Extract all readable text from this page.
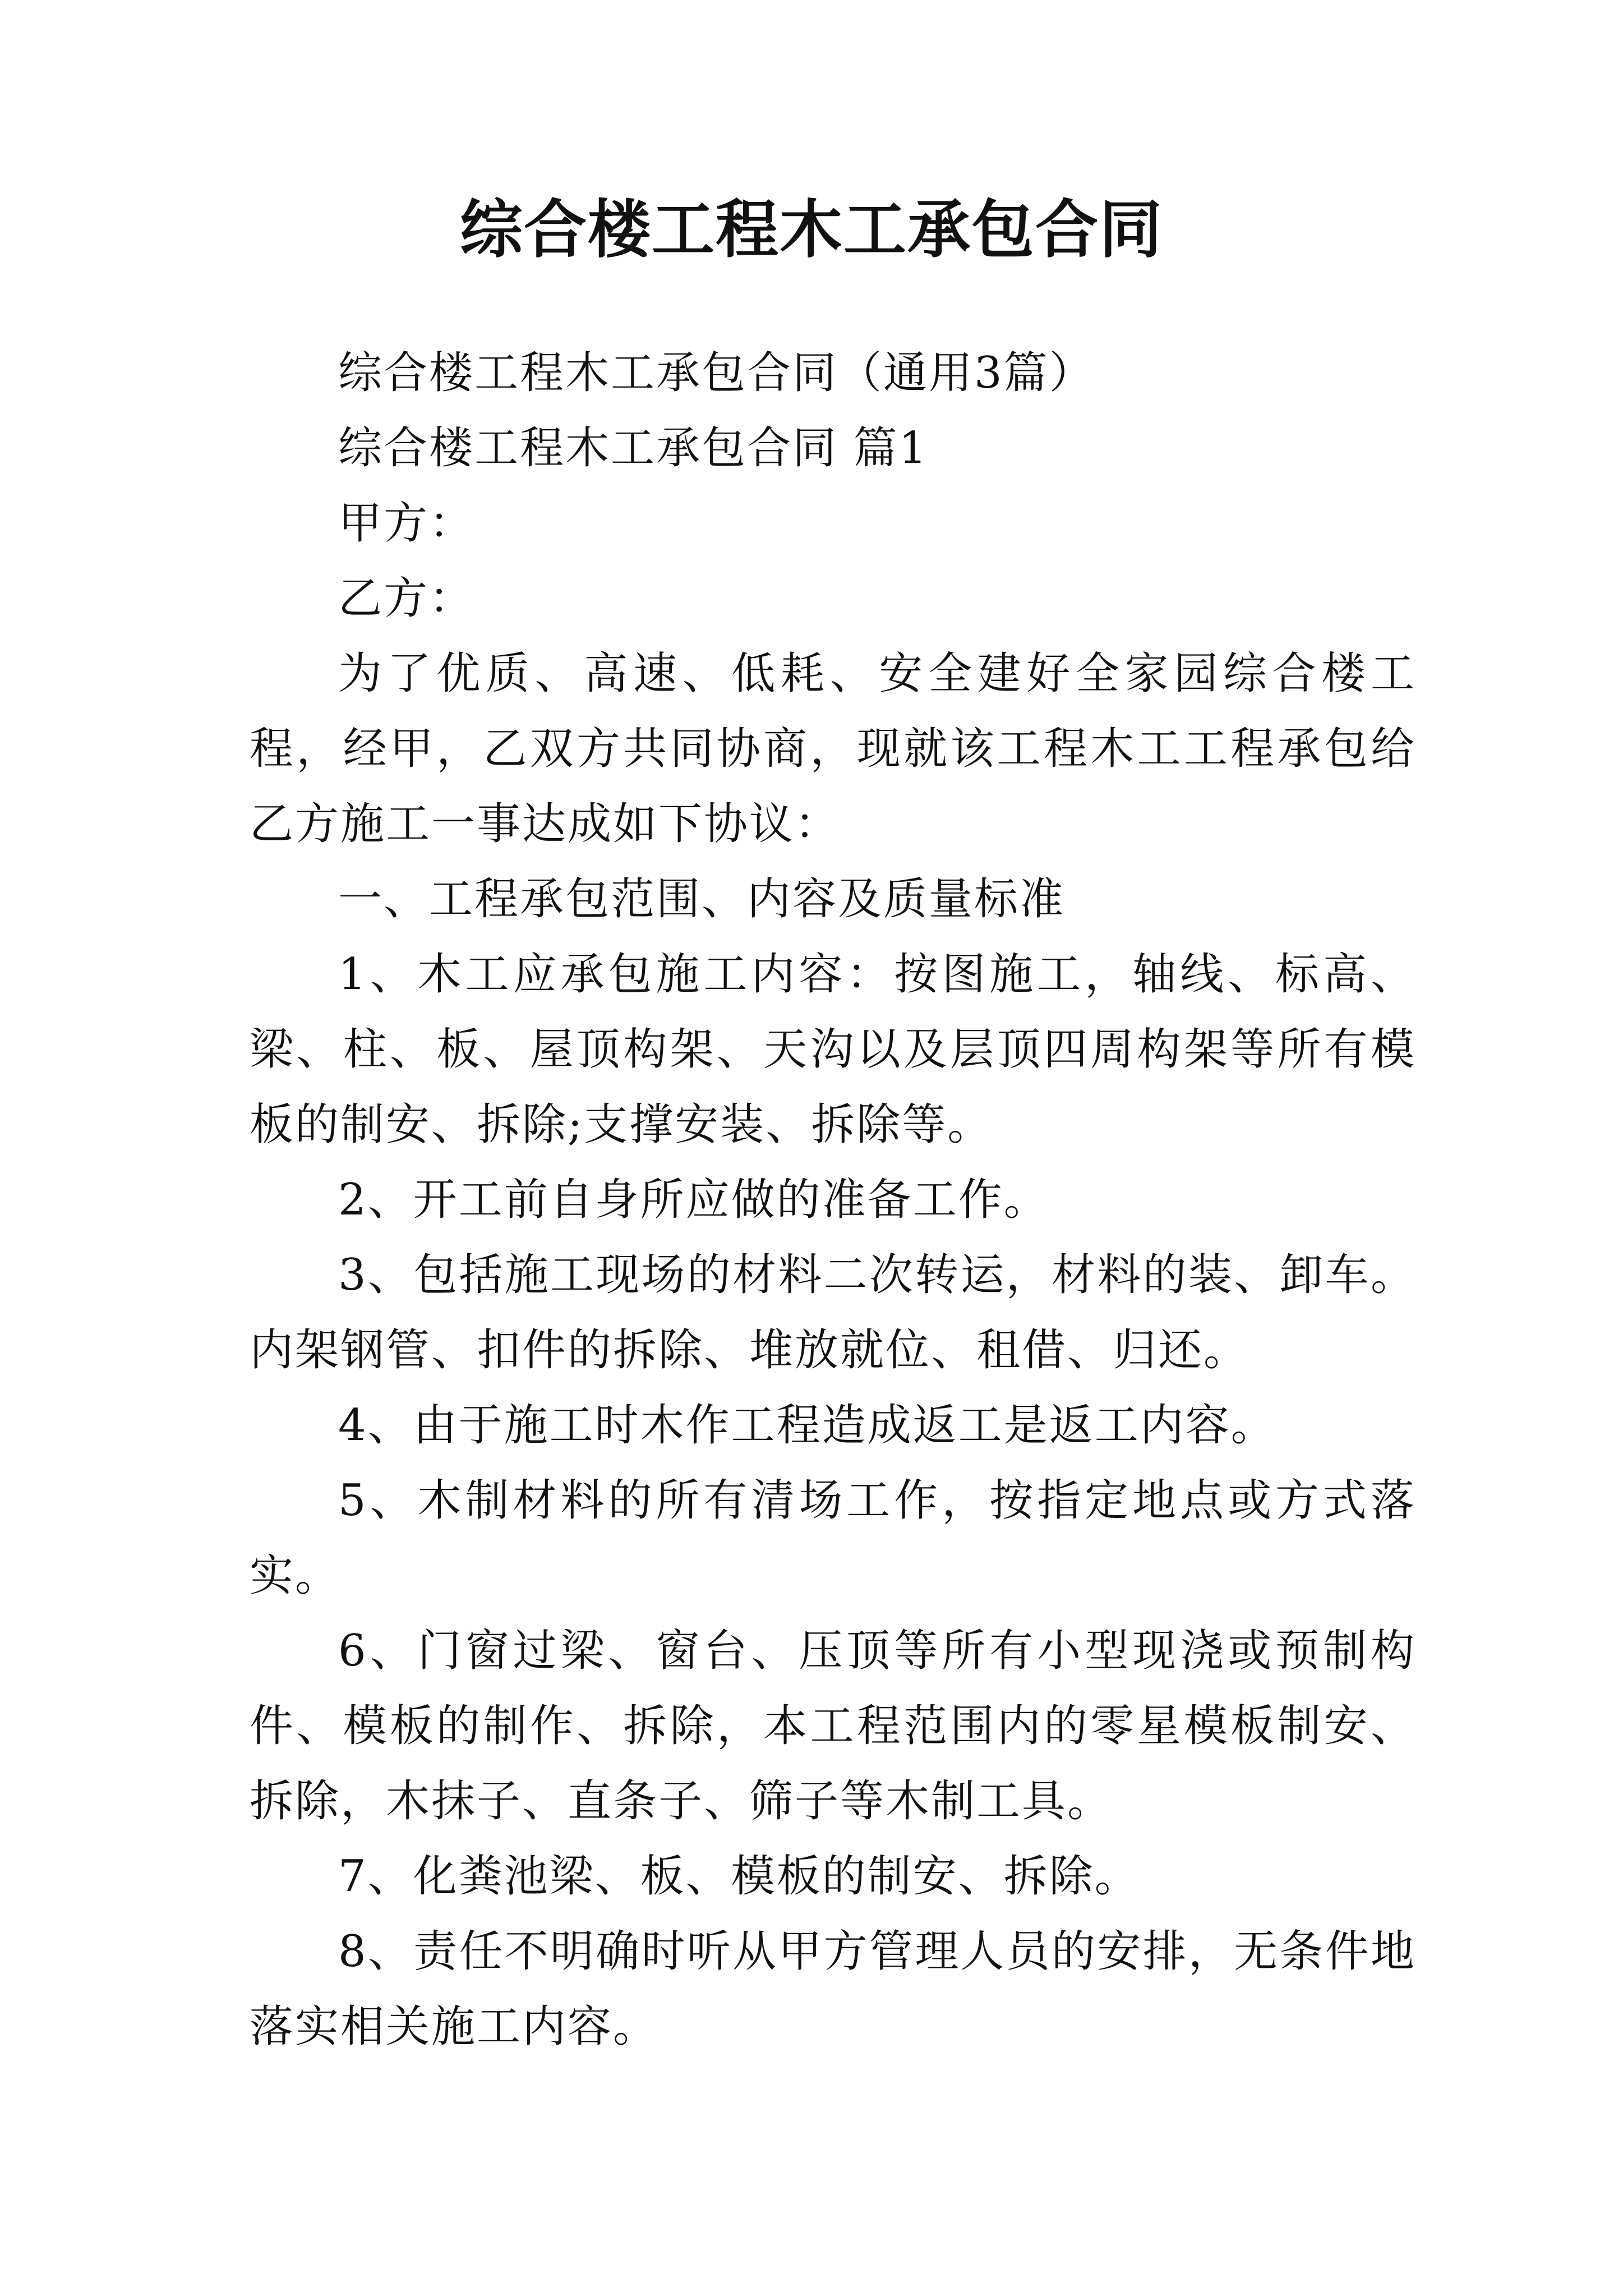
综合楼工程木工承包合同

综合楼工程木工承包合同（通用3篇）

综合楼工程木工承包合同 篇1

甲方：

乙方：

为了优质、高速、低耗、安全建好全家园综合楼工程，经甲，乙双方共同协商，现就该工程木工工程承包给乙方施工一事达成如下协议：

一、工程承包范围、内容及质量标准

1、木工应承包施工内容：按图施工，轴线、标高、梁、柱、板、屋顶构架、天沟以及层顶四周构架等所有模板的制安、拆除;支撑安装、拆除等。

2、开工前自身所应做的准备工作。

3、包括施工现场的材料二次转运，材料的装、卸车。内架钢管、扣件的拆除、堆放就位、租借、归还。

4、由于施工时木作工程造成返工是返工内容。

5、木制材料的所有清场工作，按指定地点或方式落实。

6、门窗过梁、窗台、压顶等所有小型现浇或预制构件、模板的制作、拆除，本工程范围内的零星模板制安、拆除，木抹子、直条子、筛子等木制工具。

7、化粪池梁、板、模板的制安、拆除。

8、责任不明确时听从甲方管理人员的安排，无条件地落实相关施工内容。
